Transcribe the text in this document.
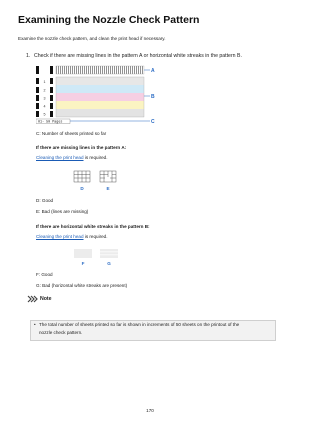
Examining the Nozzle Check Pattern
Examine the nozzle check pattern, and clean the print head if necessary.
1. Check if there are missing lines in the pattern A or horizontal white streaks in the pattern B.
1
2
3
4
5
01- 50 Pages
A
B
C
C: Number of sheets printed so far
If there are missing lines in the pattern A:
Cleaning the print head is required.
D	E
D: Good
E: Bad (lines are missing)
If there are horizontal white streaks in the pattern B:
Cleaning the print head is required.
F	G
F: Good
G: Bad (horizontal white streaks are present)
Note
• The total number of sheets printed so far is shown in increments of 50 sheets on the printout of the
nozzle check pattern.
170
